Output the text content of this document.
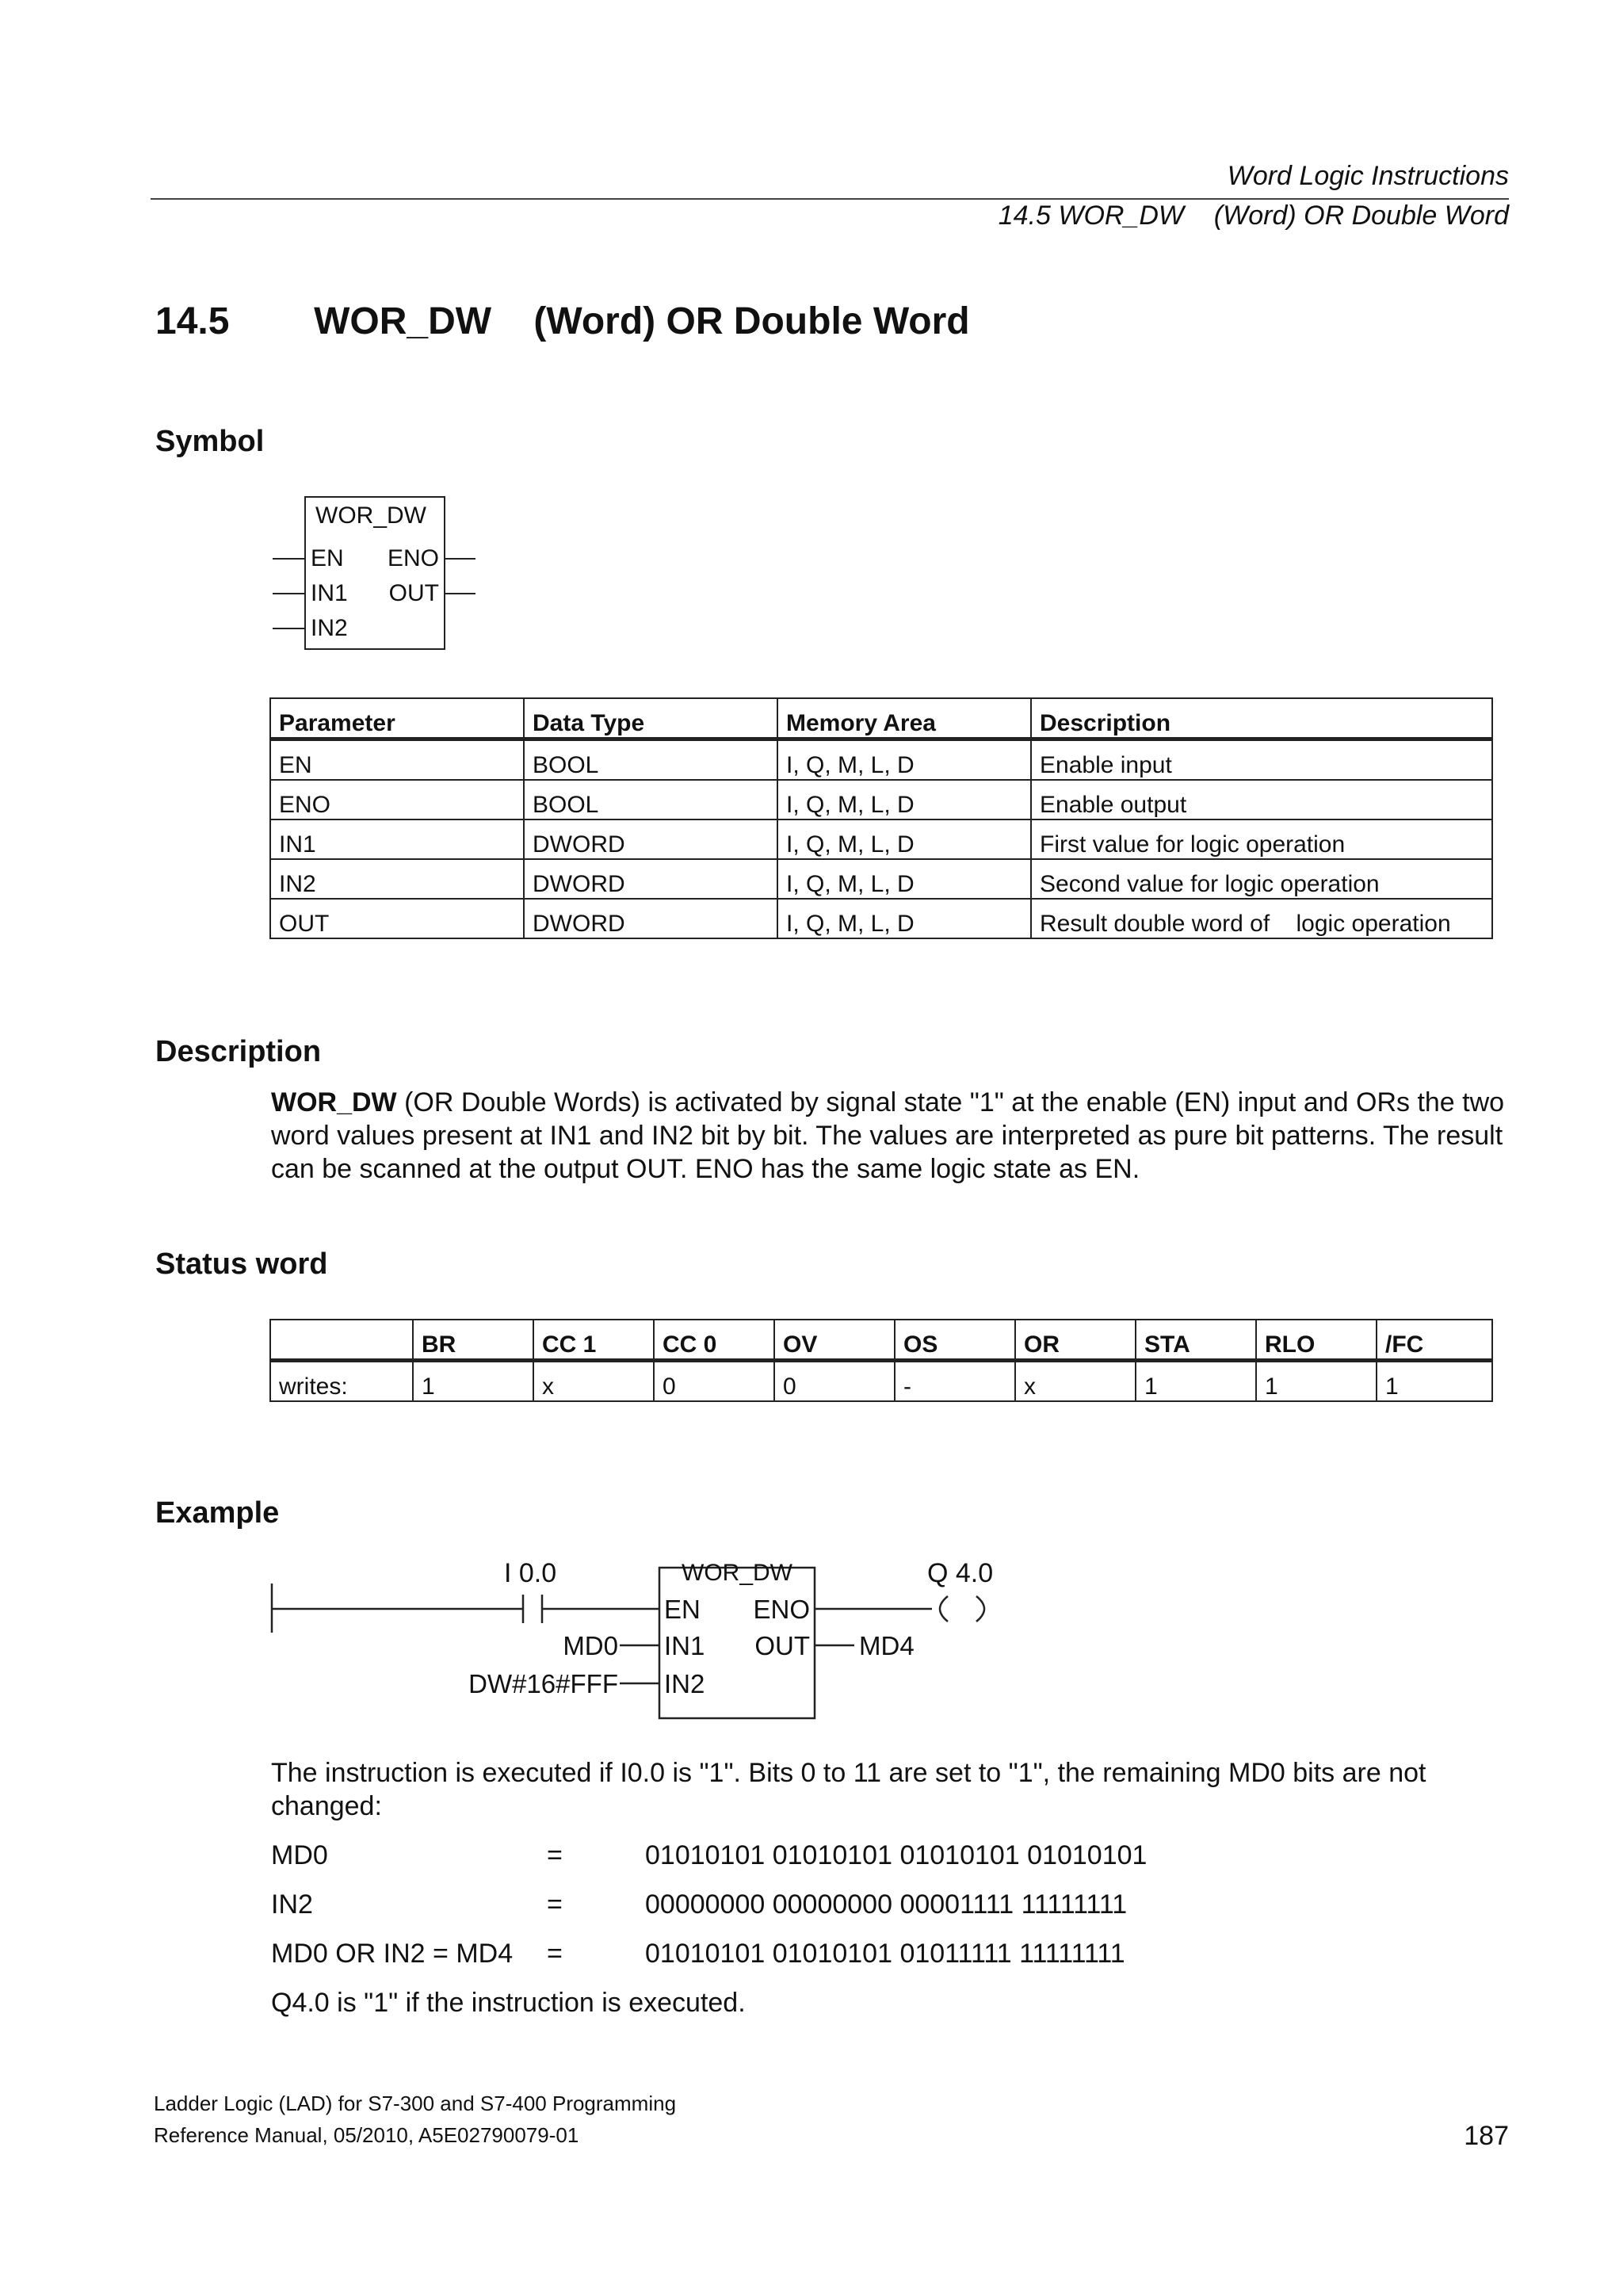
Word Logic Instructions
14.5 WOR_DW    (Word) OR Double Word
14.5        WOR_DW    (Word) OR Double Word
Symbol
WOR_DW
EN ENO
IN1 OUT
IN2
Parameter	Data Type	Memory Area	Description
EN	BOOL	I, Q, M, L, D	Enable input
ENO	BOOL	I, Q, M, L, D	Enable output
IN1	DWORD	I, Q, M, L, D	First value for logic operation
IN2	DWORD	I, Q, M, L, D	Second value for logic operation
OUT	DWORD	I, Q, M, L, D	Result double word of    logic operation
Description
WOR_DW (OR Double Words) is activated by signal state "1" at the enable (EN) input and ORs the two word values present at IN1 and IN2 bit by bit. The values are interpreted as pure bit patterns. The result can be scanned at the output OUT. ENO has the same logic state as EN.
Status word
	BR	CC 1	CC 0	OV	OS	OR	STA	RLO	/FC
writes:	1	x	0	0	-	x	1	1	1
Example
I 0.0	WOR_DW
EN ENO
IN1 OUT
IN2
MD0
DW#16#FFF
MD4
Q 4.0
The instruction is executed if I0.0 is "1". Bits 0 to 11 are set to "1", the remaining MD0 bits are not changed:
MD0	=	01010101 01010101 01010101 01010101
IN2	=	00000000 00000000 00001111 11111111
MD0 OR IN2 = MD4 =	01010101 01010101 01011111 11111111
Q4.0 is "1" if the instruction is executed.
Ladder Logic (LAD) for S7-300 and S7-400 Programming
Reference Manual, 05/2010, A5E02790079-01	187
